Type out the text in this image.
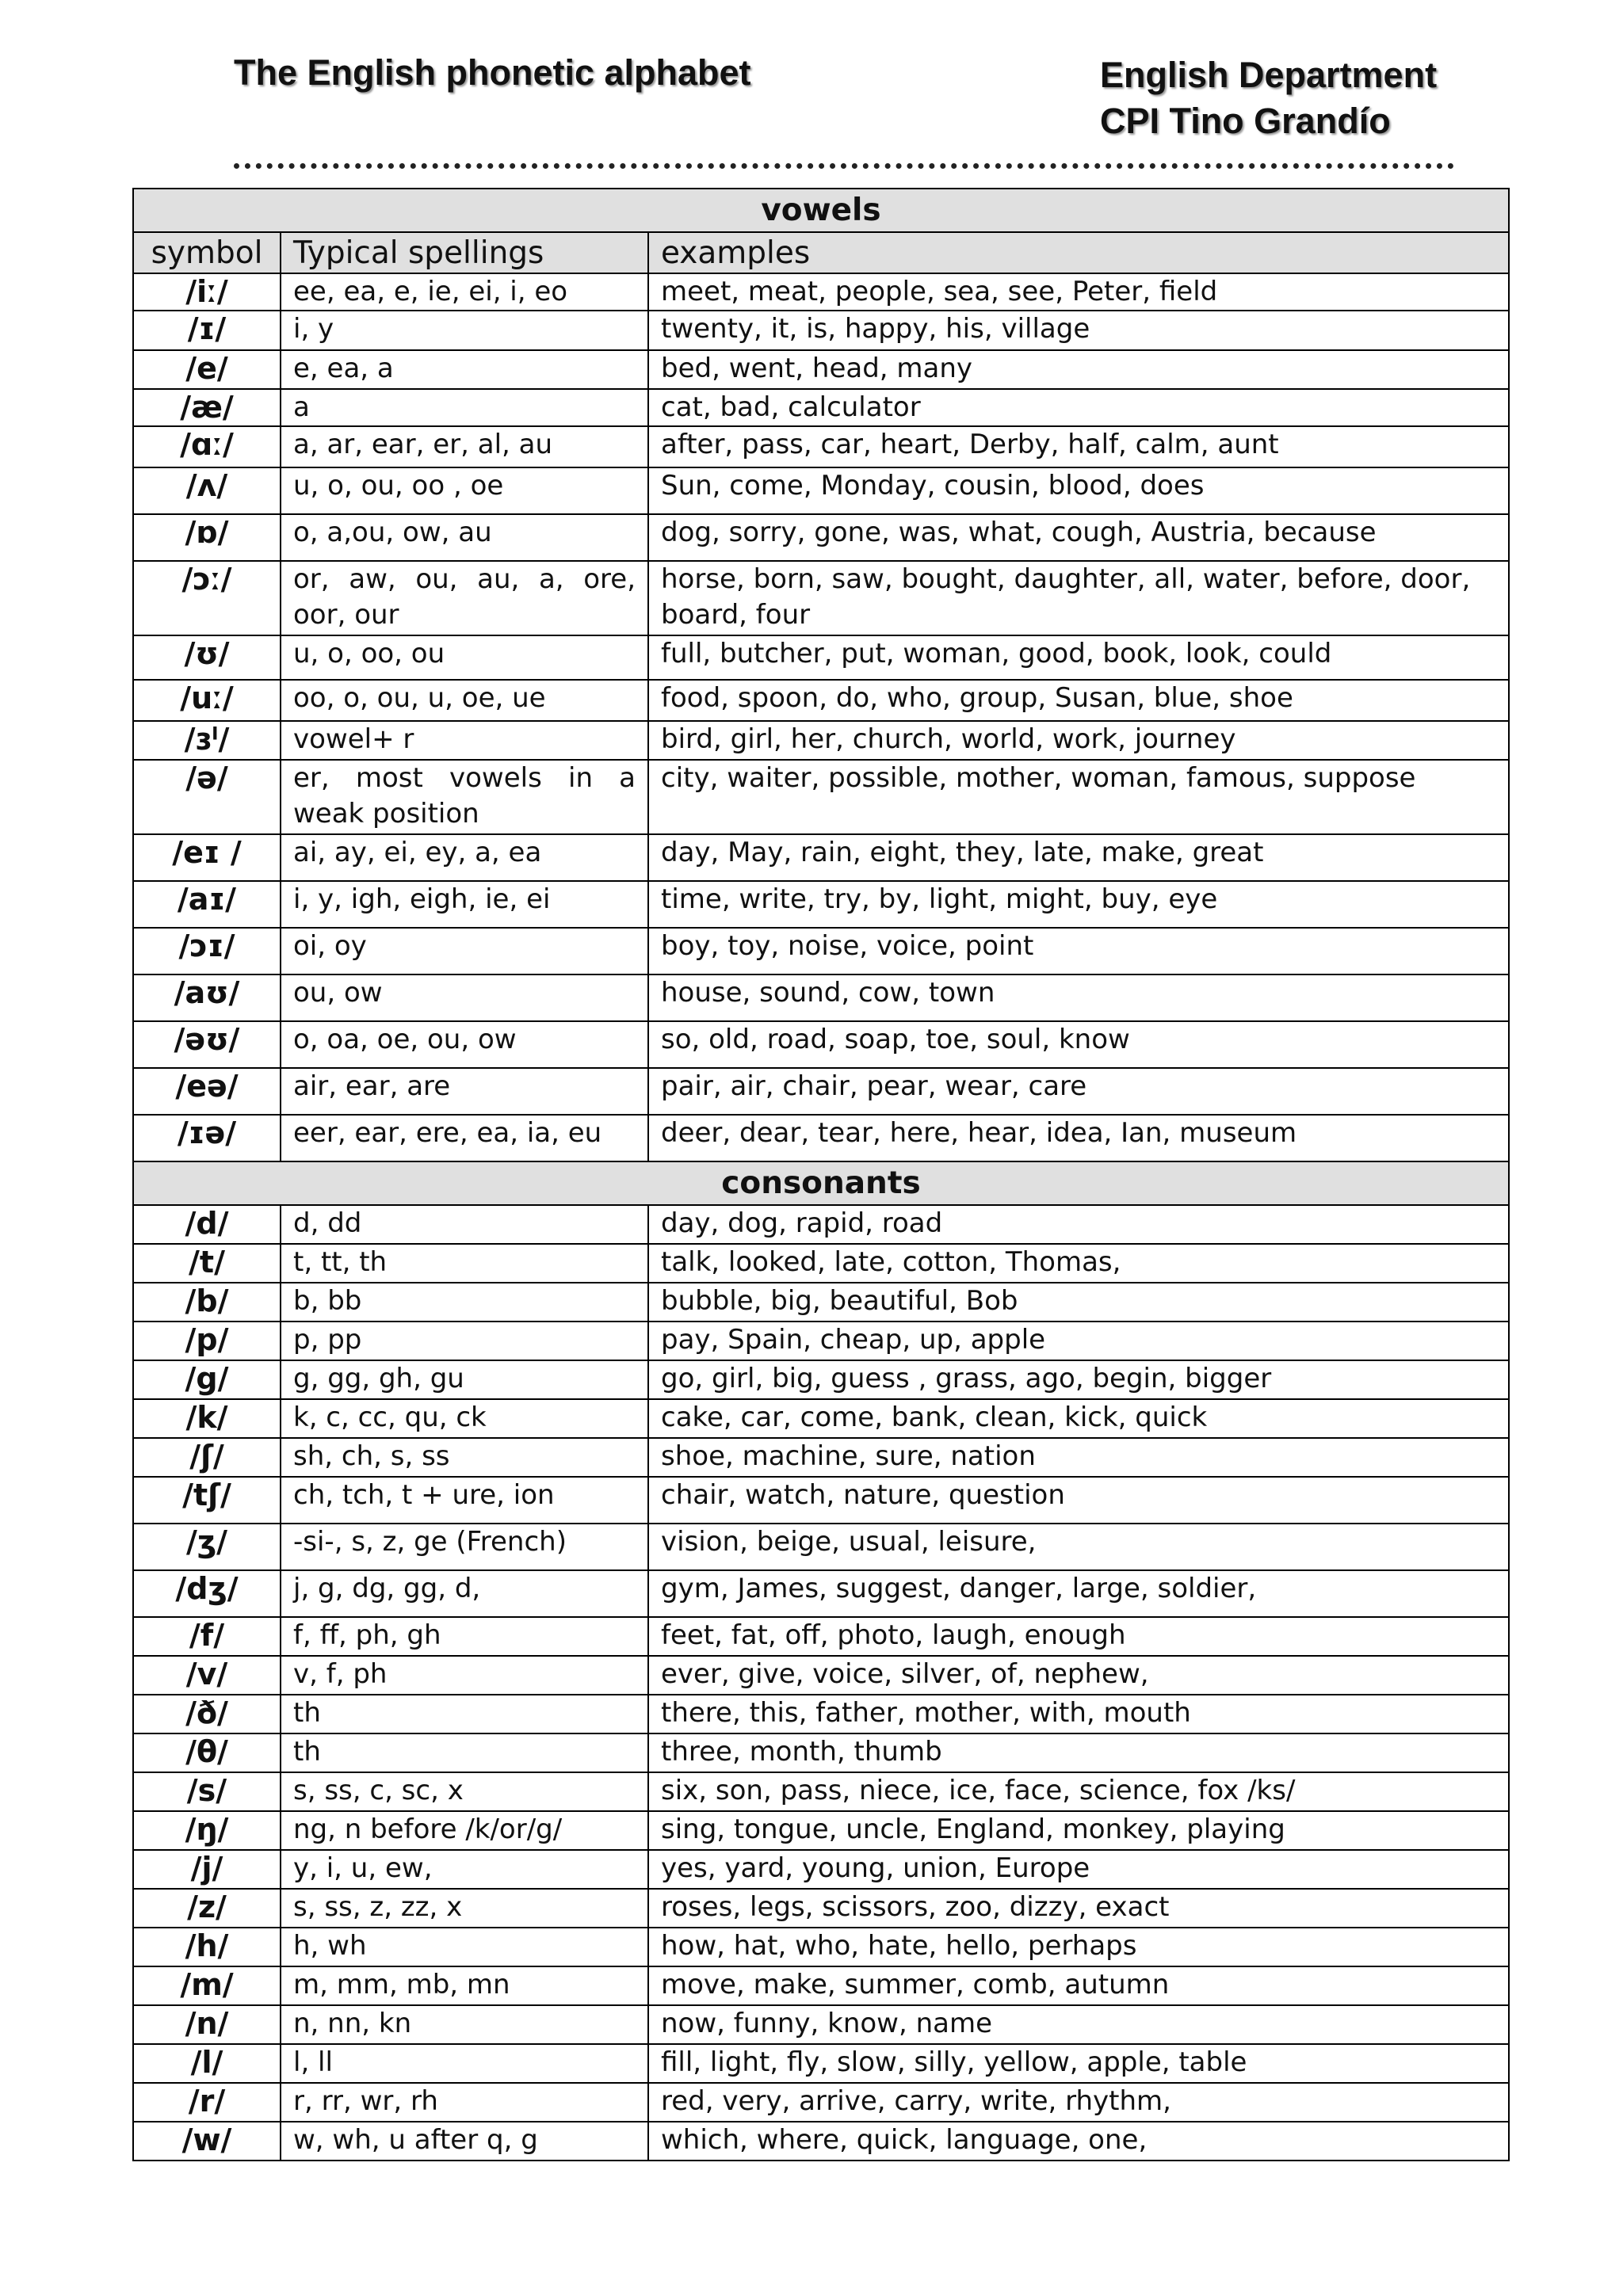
The English phonetic alphabet	English Department
CPI Tino Grandío
vowels		
symbol	Typical spellings	examples
/iː/	ee, ea, e, ie, ei, i, eo	meet, meat, people, sea, see, Peter, field
/ɪ/	i, y	twenty, it, is, happy, his, village
/e/	e, ea, a	bed, went, head, many
/æ/	a	cat, bad, calculator
/ɑː/	a, ar, ear, er, al, au	after, pass, car, heart, Derby, half, calm, aunt
/ʌ/	u, o, ou, oo , oe	Sun, come, Monday, cousin, blood, does
/ɒ/	o, a,ou, ow, au	dog, sorry, gone, was, what, cough, Austria, because
/ɔː/	or, aw, ou, au, a, ore, oor, our	horse, born, saw, bought, daughter, all, water, before, door, board, four
/ʊ/	u, o, oo, ou	full, butcher, put, woman, good, book, look, could
/uː/	oo, o, ou, u, oe, ue	food, spoon, do, who, group, Susan, blue, shoe
/ɜˡ/	vowel+ r	bird, girl, her, church, world, work, journey
/ə/	er, most vowels in a weak position	city, waiter, possible, mother, woman, famous, suppose
/eɪ /	ai, ay, ei, ey, a, ea	day, May, rain, eight, they, late, make, great
/aɪ/	i, y, igh, eigh, ie, ei	time, write, try, by, light, might, buy, eye
/ɔɪ/	oi, oy	boy, toy, noise, voice, point
/aʊ/	ou, ow	house, sound, cow, town
/əʊ/	o, oa, oe, ou, ow	so, old, road, soap, toe, soul, know
/eə/	air, ear, are	pair, air, chair, pear, wear, care
/ɪə/	eer, ear, ere, ea, ia, eu	deer, dear, tear, here, hear, idea, Ian, museum
consonants		
/d/	d, dd	day, dog, rapid, road
/t/	t, tt, th	talk, looked, late, cotton, Thomas,
/b/	b, bb	bubble, big, beautiful, Bob
/p/	p, pp	pay, Spain, cheap, up, apple
/g/	g, gg, gh, gu	go, girl, big, guess , grass, ago, begin, bigger
/k/	k, c, cc, qu, ck	cake, car, come, bank, clean, kick, quick
/ʃ/	sh, ch, s, ss	shoe, machine, sure, nation
/tʃ/	ch, tch, t + ure, ion	chair, watch, nature, question
/ʒ/	-si-, s, z, ge (French)	vision, beige, usual, leisure,
/dʒ/	j, g, dg, gg, d,	gym, James, suggest, danger, large, soldier,
/f/	f, ff, ph, gh	feet, fat, off, photo, laugh, enough
/v/	v, f, ph	ever, give, voice, silver, of, nephew,
/ð/	th	there, this, father, mother, with, mouth
/θ/	th	three, month, thumb
/s/	s, ss, c, sc, x	six, son, pass, niece, ice, face, science, fox /ks/
/ŋ/	ng, n before /k/or/g/	sing, tongue, uncle, England, monkey, playing
/j/	y, i, u, ew,	yes, yard, young, union, Europe
/z/	s, ss, z, zz, x	roses, legs, scissors, zoo, dizzy, exact
/h/	h, wh	how, hat, who, hate, hello, perhaps
/m/	m, mm, mb, mn	move, make, summer, comb, autumn
/n/	n, nn, kn	now, funny, know, name
/l/	l, ll	fill, light, fly, slow, silly, yellow, apple, table
/r/	r, rr, wr, rh	red, very, arrive, carry, write, rhythm,
/w/	w, wh, u after q, g	which, where, quick, language, one,
